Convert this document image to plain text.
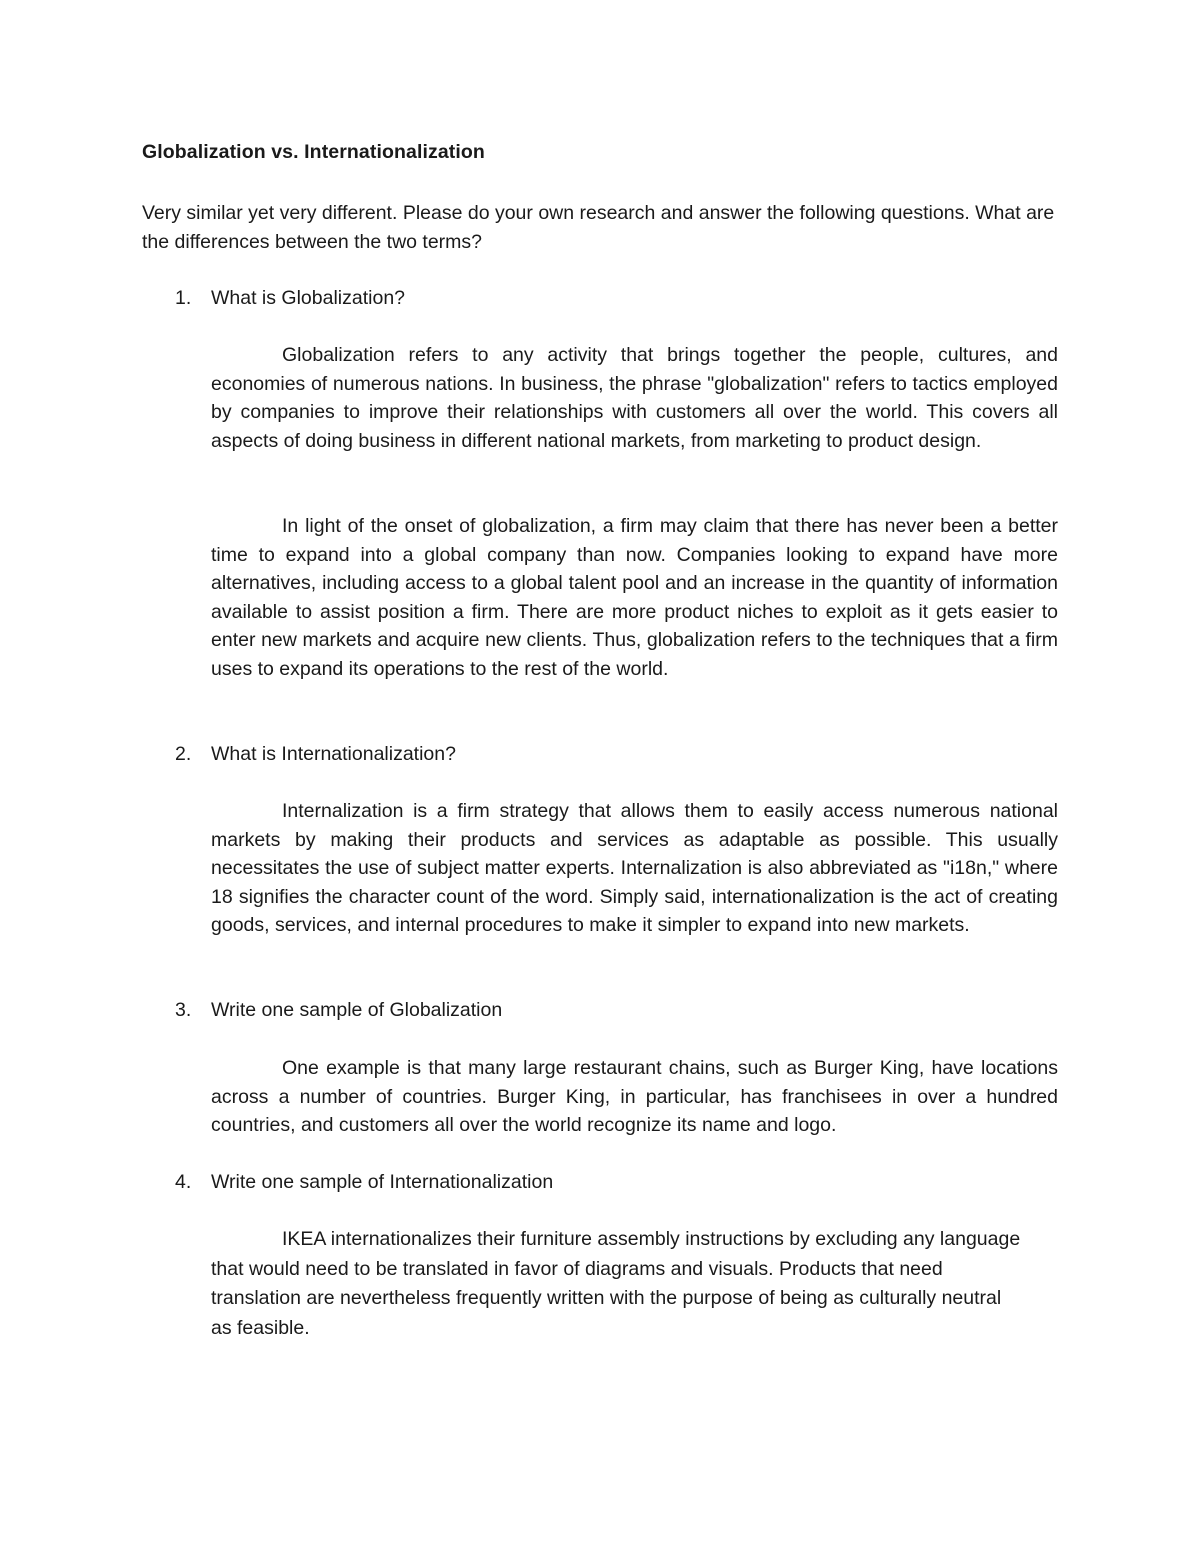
Globalization vs. Internationalization

Very similar yet very different. Please do your own research and answer the following questions. What are the differences between the two terms?

1. What is Globalization?

Globalization refers to any activity that brings together the people, cultures, and economies of numerous nations. In business, the phrase "globalization" refers to tactics employed by companies to improve their relationships with customers all over the world. This covers all aspects of doing business in different national markets, from marketing to product design.

In light of the onset of globalization, a firm may claim that there has never been a better time to expand into a global company than now. Companies looking to expand have more alternatives, including access to a global talent pool and an increase in the quantity of information available to assist position a firm. There are more product niches to exploit as it gets easier to enter new markets and acquire new clients. Thus, globalization refers to the techniques that a firm uses to expand its operations to the rest of the world.

2. What is Internationalization?

Internalization is a firm strategy that allows them to easily access numerous national markets by making their products and services as adaptable as possible. This usually necessitates the use of subject matter experts. Internalization is also abbreviated as "i18n," where 18 signifies the character count of the word. Simply said, internationalization is the act of creating goods, services, and internal procedures to make it simpler to expand into new markets.

3. Write one sample of Globalization

One example is that many large restaurant chains, such as Burger King, have locations across a number of countries. Burger King, in particular, has franchisees in over a hundred countries, and customers all over the world recognize its name and logo.

4. Write one sample of Internationalization

IKEA internationalizes their furniture assembly instructions by excluding any language that would need to be translated in favor of diagrams and visuals. Products that need translation are nevertheless frequently written with the purpose of being as culturally neutral as feasible.
